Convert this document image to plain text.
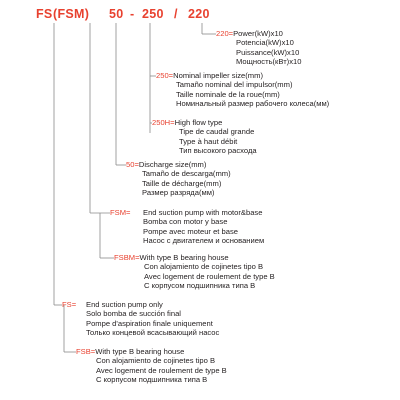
FS (FSM) 50 - 250 / 220
220=Power(kW)x10
Potencia(kW)x10
Puissance(kW)x10
Мощность(кВт)x10
250=Nominal impeller size(mm)
Tamaño nominal del impulsor(mm)
Taille nominale de la roue(mm)
Номинальный размер рабочего колеса(мм)
250H=High flow type
Tipe de caudal grande
Type à haut débit
Тип высокого расхода
50=Discharge size(mm)
Tamaño de descarga(mm)
Taille de décharge(mm)
Размер разряда(мм)
FSM= End suction pump with motor&base
Bomba con motor y base
Pompe avec moteur et base
Насос с двигателем и основанием
FSBM=With type B bearing house
Con alojamiento de cojinetes tipo B
Avec logement de roulement de type B
С корпусом подшипника типа B
FS= End suction pump only
Solo bomba de succión final
Pompe d'aspiration finale uniquement
Только концевой всасывающий насос
FSB=With type B bearing house
Con alojamiento de cojinetes tipo B
Avec logement de roulement de type B
С корпусом подшипника типа B
